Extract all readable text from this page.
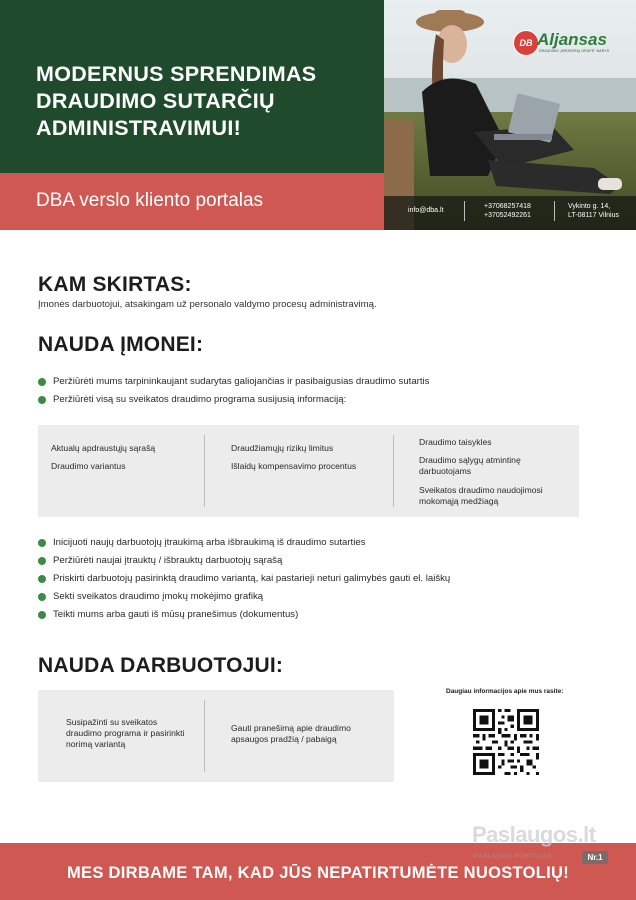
MODERNUS SPRENDIMAS
DRAUDIMO SUTARČIŲ
ADMINISTRAVIMUI!

DBA verslo kliento portalas

DB Aljansas
DRAUDIMO „BROKERIŲ GRUPĖ“ NARYS
info@dba.lt
+37068257418
+37052492261
Vykinto g. 14,
LT-08117 Vilnius
KAM SKIRTAS:

Įmonės darbuotojui, atsakingam už personalo valdymo procesų administravimą.

NAUDA ĮMONEI:
Peržiūrėti mums tarpininkaujant sudarytas galiojančias ir pasibaigusias draudimo sutartis
Peržiūrėti visą su sveikatos draudimo programa susijusią informaciją:
Aktualų apdraustųjų sąrašą
Draudimo variantus
Draudžiamųjų rizikų limitus
Išlaidų kompensavimo procentus
Draudimo taisykles
Draudimo sąlygų atmintinę darbuotojams
Sveikatos draudimo naudojimosi mokomąją medžiagą
Inicijuoti naujų darbuotojų įtraukimą arba išbraukimą iš draudimo sutarties
Peržiūrėti naujai įtrauktų / išbrauktų darbuotojų sąrašą
Priskirti darbuotojų pasirinktą draudimo variantą, kai pastarieji neturi galimybės gauti el. laiškų
Sekti sveikatos draudimo įmokų mokėjimo grafiką
Teikti mums arba gauti iš mūsų pranešimus (dokumentus)
NAUDA DARBUOTOJUI:
Susipažinti su sveikatos draudimo programa ir pasirinkti norimą variantą
Gauti pranešimą apie draudimo apsaugos pradžią / pabaigą
Daugiau informacijos apie mus rasite:

MES DIRBAME TAM, KAD JŪS NEPATIRTUMĖTE NUOSTOLIŲ!

Paslaugos.lt
PASLAUGŲ PORTALAS	Nr.1
